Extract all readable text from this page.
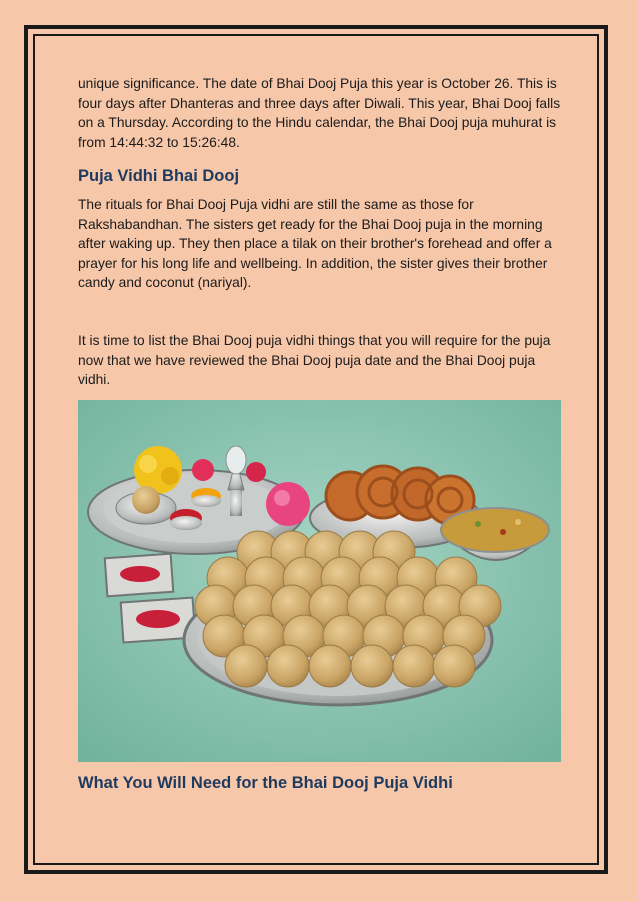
unique significance. The date of Bhai Dooj Puja this year is October 26. This is four days after Dhanteras and three days after Diwali. This year, Bhai Dooj falls on a Thursday. According to the Hindu calendar, the Bhai Dooj puja muhurat is from 14:44:32 to 15:26:48.

Puja Vidhi Bhai Dooj

The rituals for Bhai Dooj Puja vidhi are still the same as those for Rakshabandhan. The sisters get ready for the Bhai Dooj puja in the morning after waking up. They then place a tilak on their brother's forehead and offer a prayer for his long life and wellbeing. In addition, the sister gives their brother candy and coconut (nariyal).

It is time to list the Bhai Dooj puja vidhi things that you will require for the puja now that we have reviewed the Bhai Dooj puja date and the Bhai Dooj puja vidhi.

What You Will Need for the Bhai Dooj Puja Vidhi
